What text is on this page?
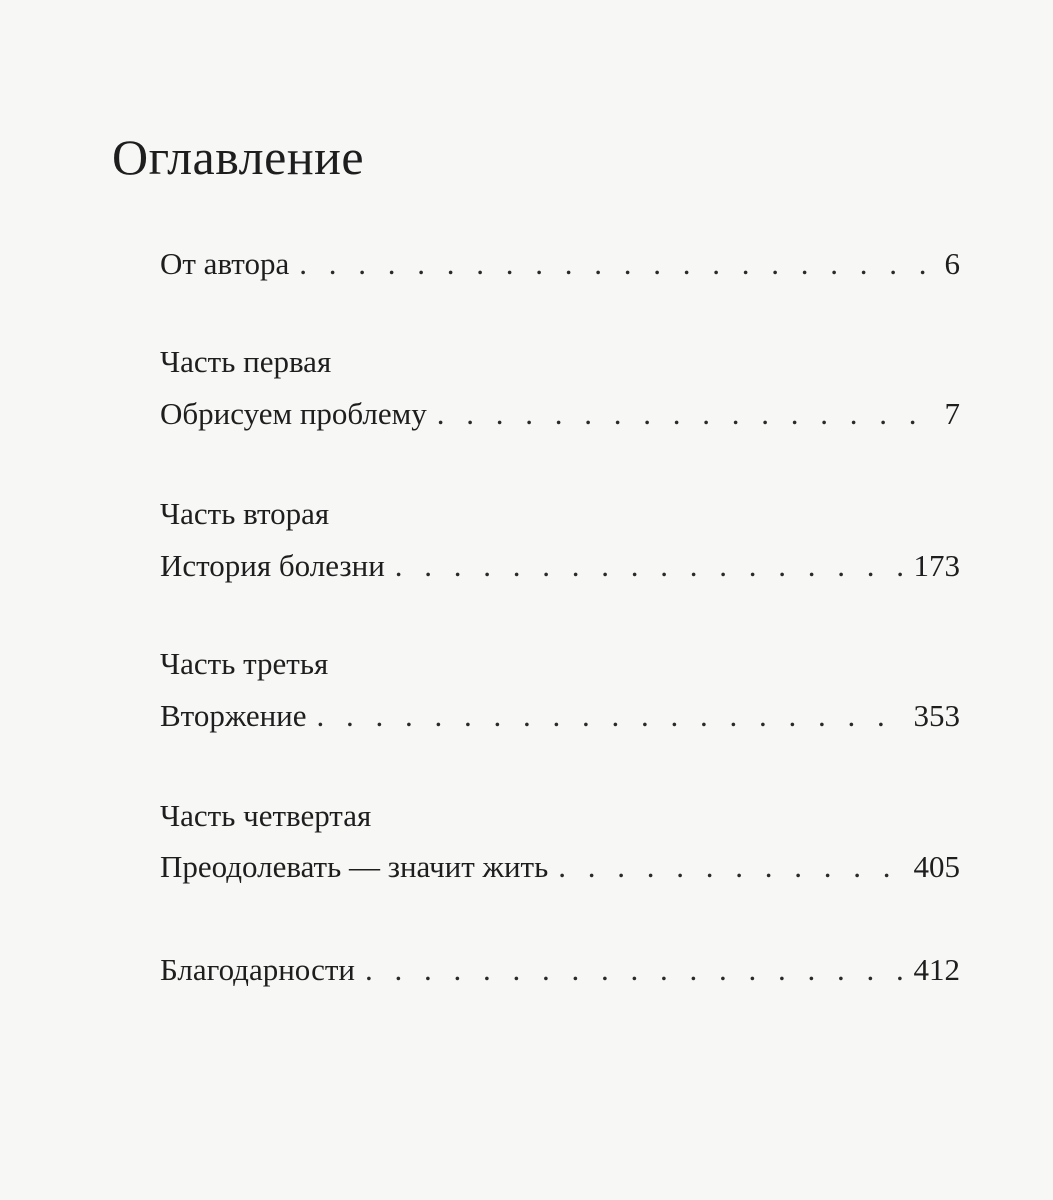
Оглавление
От автора . . .	6
Часть первая
Обрисуем проблему . . .	7
Часть вторая
История болезни . . .	173
Часть третья
Вторжение . . .	353
Часть четвертая
Преодолевать — значит жить . . .	405
Благодарности . . .	412
